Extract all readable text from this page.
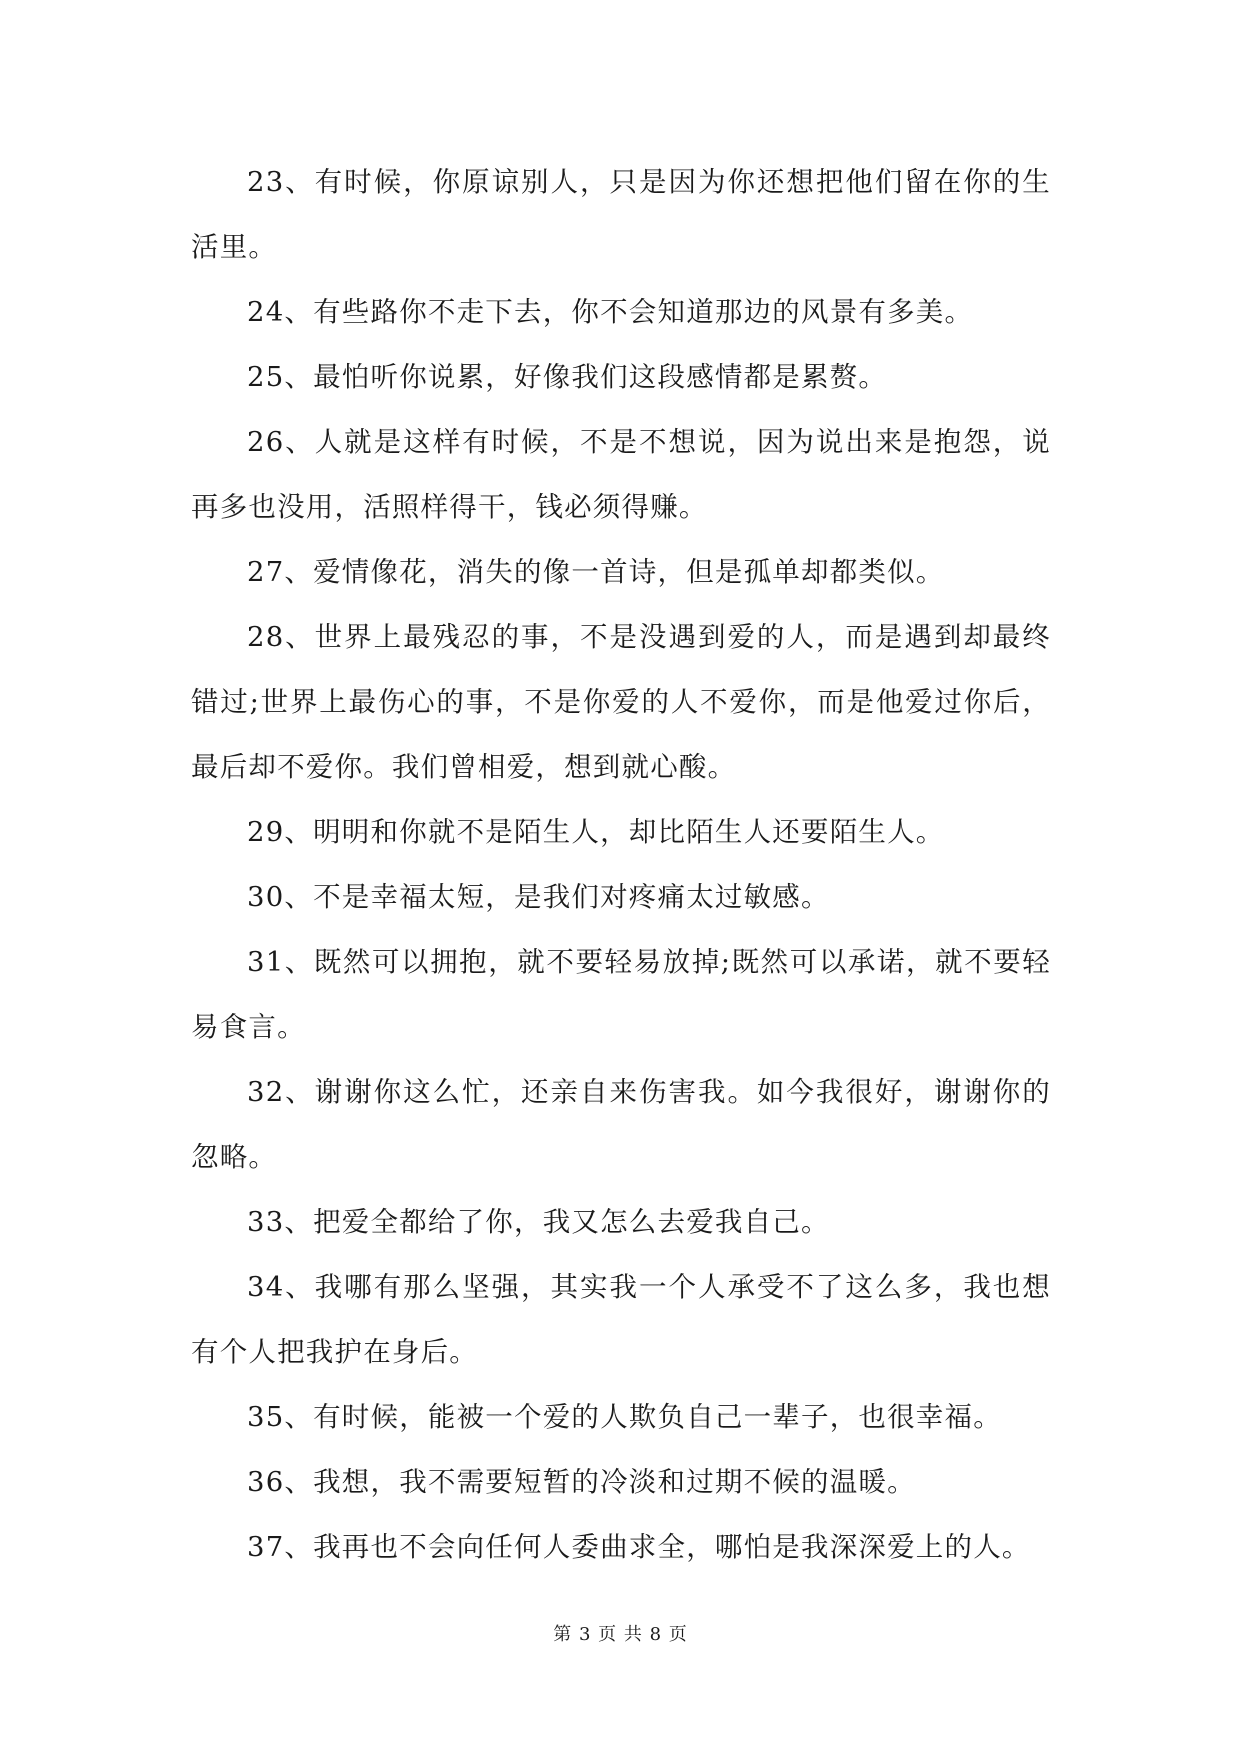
23、有时候，你原谅别人，只是因为你还想把他们留在你的生活里。

24、有些路你不走下去，你不会知道那边的风景有多美。

25、最怕听你说累，好像我们这段感情都是累赘。

26、人就是这样有时候，不是不想说，因为说出来是抱怨，说再多也没用，活照样得干，钱必须得赚。

27、爱情像花，消失的像一首诗，但是孤单却都类似。

28、世界上最残忍的事，不是没遇到爱的人，而是遇到却最终错过;世界上最伤心的事，不是你爱的人不爱你，而是他爱过你后，最后却不爱你。我们曾相爱，想到就心酸。

29、明明和你就不是陌生人，却比陌生人还要陌生人。

30、不是幸福太短，是我们对疼痛太过敏感。

31、既然可以拥抱，就不要轻易放掉;既然可以承诺，就不要轻易食言。

32、谢谢你这么忙，还亲自来伤害我。如今我很好，谢谢你的忽略。

33、把爱全都给了你，我又怎么去爱我自己。

34、我哪有那么坚强，其实我一个人承受不了这么多，我也想有个人把我护在身后。

35、有时候，能被一个爱的人欺负自己一辈子，也很幸福。

36、我想，我不需要短暂的冷淡和过期不候的温暖。

37、我再也不会向任何人委曲求全，哪怕是我深深爱上的人。

第 3 页 共 8 页
